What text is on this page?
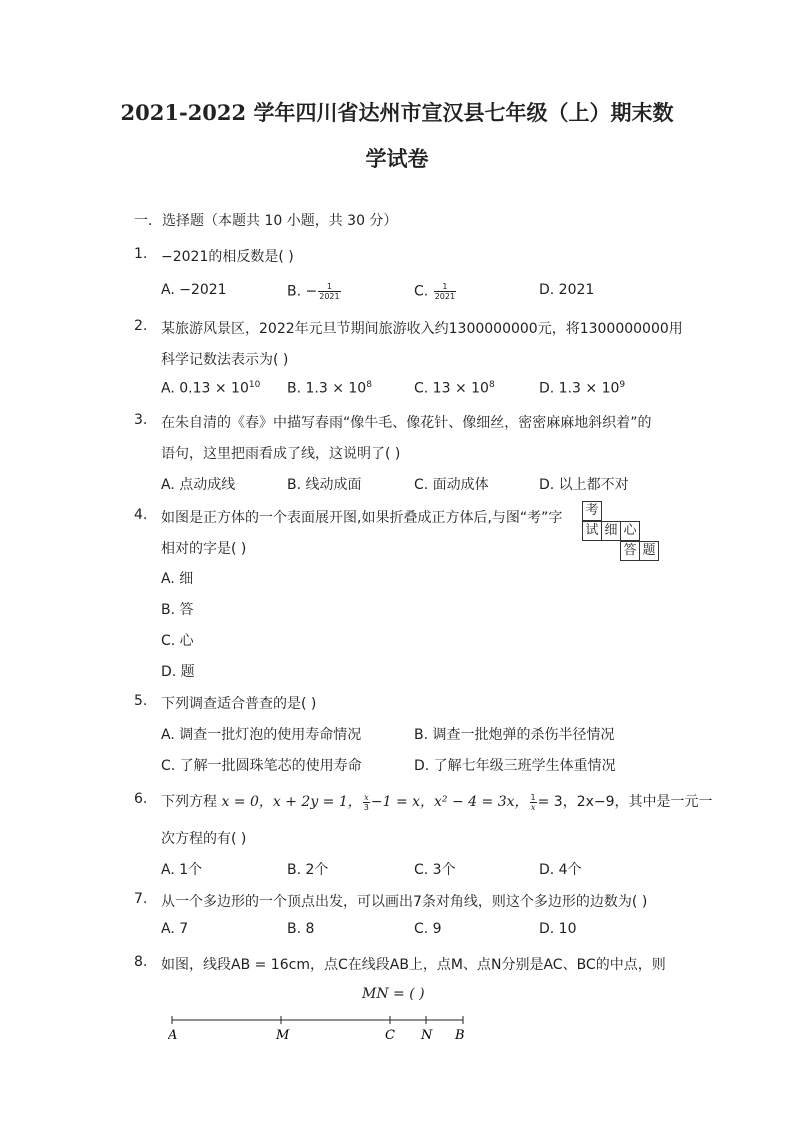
2021-2022 学年四川省达州市宣汉县七年级（上）期末数
学试卷
一．选择题（本题共 10 小题，共 30 分）
1. −2021的相反数是( )
A. −2021	B. − $\frac{1}{2021}$	C. $\frac{1}{2021}$	D. 2021
2. 某旅游风景区，2022年元旦节期间旅游收入约1300000000元，将1300000000用
科学记数法表示为( )
A. $0.13 \times 10^{10}$ B. $1.3 \times 10^8$	C. $13 \times 10^8$	D. $1.3 \times 10^9$
3. 在朱自清的《春》中描写春雨“像牛毛、像花针、像细丝，密密麻麻地斜织着”的
语句，这里把雨看成了线，这说明了( )
A. 点动成线	B. 线动成面	C. 面动成体	D. 以上都不对
4. 如图是正方体的一个表面展开图,如果折叠成正方体后,与图“考”字
相对的字是( )
考
试 细 心
答 题
A. 细
B. 答
C. 心
D. 题
5. 下列调查适合普查的是( )
A. 调查一批灯泡的使用寿命情况	B. 调查一批炮弹的杀伤半径情况
C. 了解一批圆珠笔芯的使用寿命	D. 了解七年级三班学生体重情况
6. 下列方程 x = 0，x + 2y = 1， $\frac{x}{3} -1 = x$，x² − 4 = 3x， $\frac{1}{x} = 3$，2x−9，其中是一元一
次方程的有( )
A. 1个	B. 2个	C. 3个	D. 4个
7. 从一个多边形的一个顶点出发，可以画出7条对角线，则这个多边形的边数为( )
A. 7	B. 8	C. 9	D. 10
8. 如图，线段AB = 16cm，点C在线段AB上，点M、点N分别是AC、BC的中点，则
MN = ( )
A	M	C N B
